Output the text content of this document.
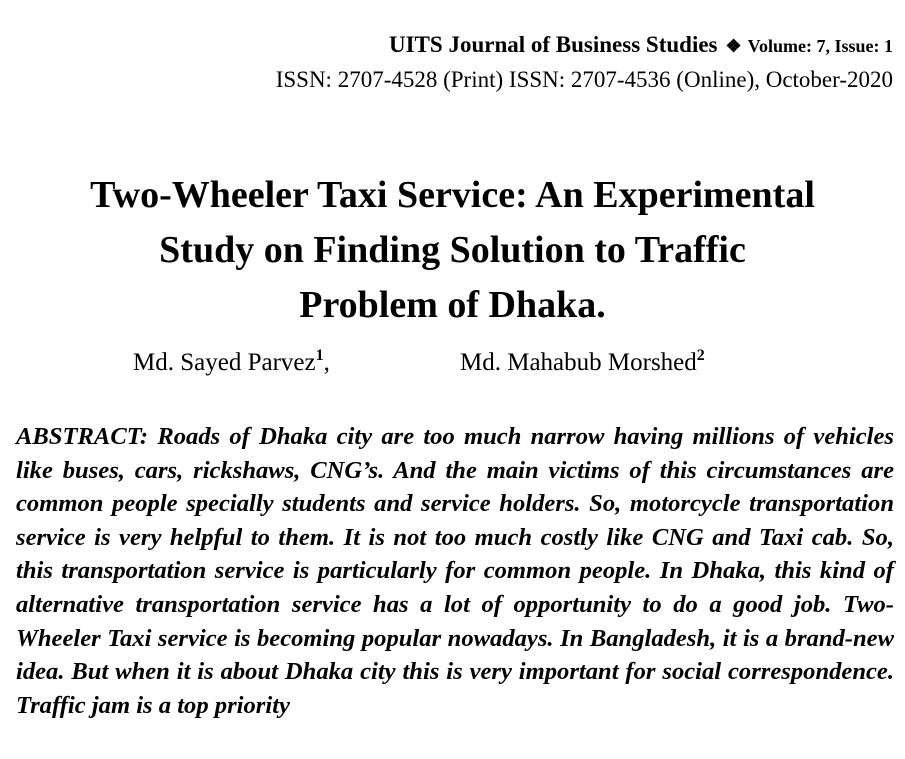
UITS Journal of Business Studies ❖ Volume: 7, Issue: 1
ISSN: 2707-4528 (Print) ISSN: 2707-4536 (Online), October-2020
Two-Wheeler Taxi Service: An Experimental
Study on Finding Solution to Traffic
Problem of Dhaka.
Md. Sayed Parvez$^1$,	Md. Mahabub Morshed$^2$

ABSTRACT: Roads of Dhaka city are too much narrow having millions of vehicles like buses, cars, rickshaws, CNG’s. And the main victims of this circumstances are common people specially students and service holders. So, motorcycle transportation service is very helpful to them. It is not too much costly like CNG and Taxi cab. So, this transportation service is particularly for common people. In Dhaka, this kind of alternative transportation service has a lot of opportunity to do a good job. Two-Wheeler Taxi service is becoming popular nowadays. In Bangladesh, it is a brand-new idea. But when it is about Dhaka city this is very important for social correspondence. Traffic jam is a top priority
